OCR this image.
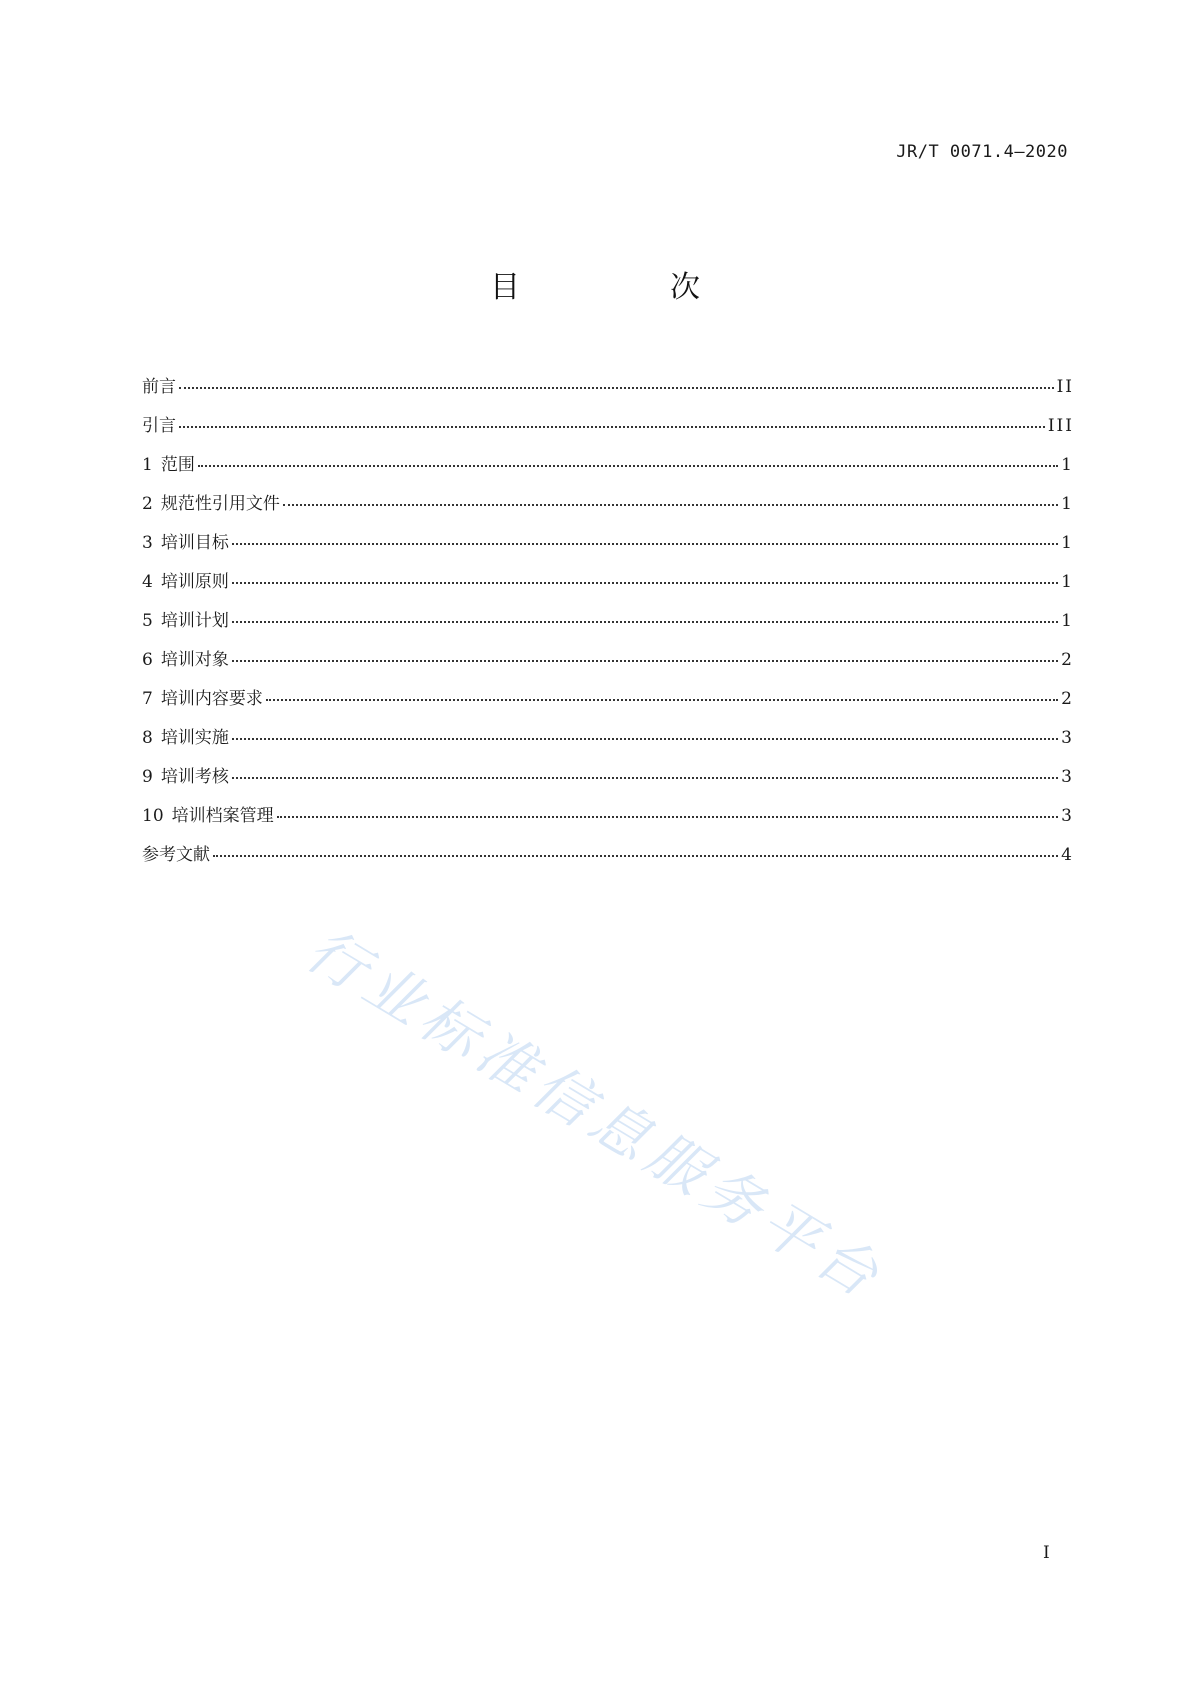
JR/T 0071.4—2020
目　次
前言	II
引言	III
1 范围	1
2 规范性引用文件	1
3 培训目标	1
4 培训原则	1
5 培训计划	1
6 培训对象	2
7 培训内容要求	2
8 培训实施	3
9 培训考核	3
10 培训档案管理	3
参考文献	4
行业标准信息服务平台
I
